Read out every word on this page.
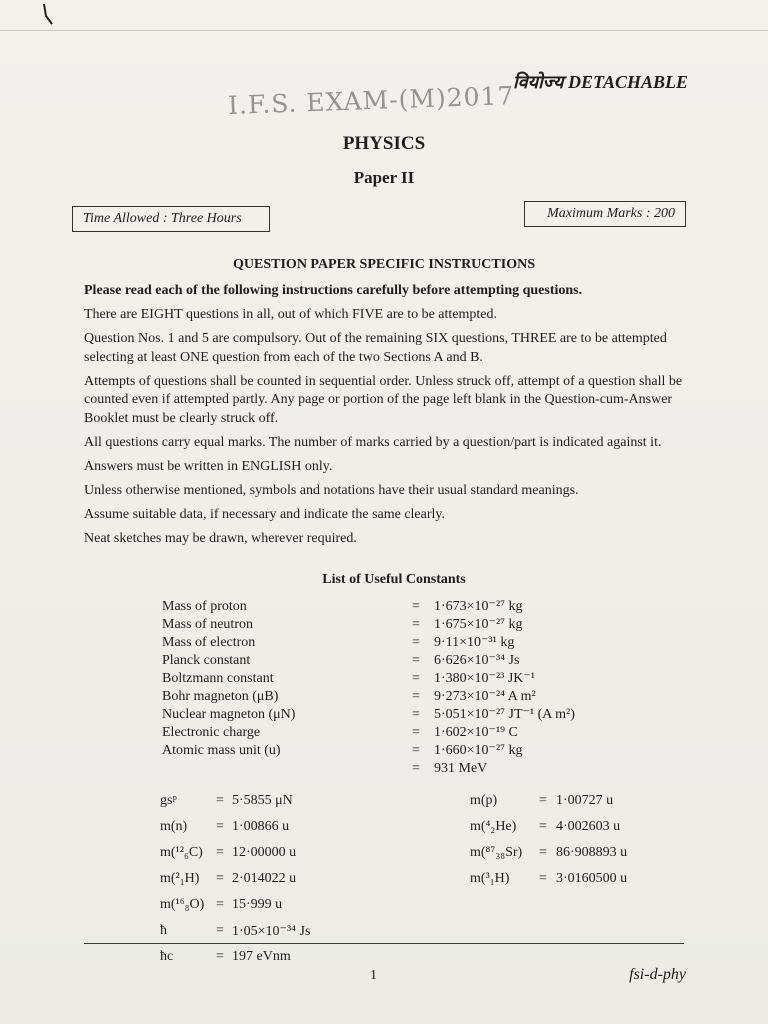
I.F.S. EXAM-(M)2017
वियोज्य DETACHABLE
PHYSICS
Paper II
Time Allowed : Three Hours	Maximum Marks : 200
QUESTION PAPER SPECIFIC INSTRUCTIONS

Please read each of the following instructions carefully before attempting questions.

There are EIGHT questions in all, out of which FIVE are to be attempted.

Question Nos. 1 and 5 are compulsory. Out of the remaining SIX questions, THREE are to be attempted selecting at least ONE question from each of the two Sections A and B.

Attempts of questions shall be counted in sequential order. Unless struck off, attempt of a question shall be counted even if attempted partly. Any page or portion of the page left blank in the Question-cum-Answer Booklet must be clearly struck off.

All questions carry equal marks. The number of marks carried by a question/part is indicated against it.

Answers must be written in ENGLISH only.

Unless otherwise mentioned, symbols and notations have their usual standard meanings.

Assume suitable data, if necessary and indicate the same clearly.

Neat sketches may be drawn, wherever required.

List of Useful Constants
Mass of proton	=	1·673×10⁻²⁷ kg
Mass of neutron	=	1·675×10⁻²⁷ kg
Mass of electron	=	9·11×10⁻³¹ kg
Planck constant	=	6·626×10⁻³⁴ Js
Boltzmann constant	=	1·380×10⁻²³ JK⁻¹
Bohr magneton (μB)	=	9·273×10⁻²⁴ A m²
Nuclear magneton (μN)	=	5·051×10⁻²⁷ JT⁻¹ (A m²)
Electronic charge	=	1·602×10⁻¹⁹ C
Atomic mass unit (u)	=	1·660×10⁻²⁷ kg
=	931 MeV
gsᵖ	= 5·5855 μN
m(n)	= 1·00866 u
m(¹²₆C) = 12·00000 u
m(²₁H)	= 2·014022 u
m(¹⁶₈O) = 15·999 u
ħ	= 1·05×10⁻³⁴ Js
ħc	= 197 eVnm
m(p)	= 1·00727 u
m(⁴₂He)	= 4·002603 u
m(⁸⁷₃₈Sr)	= 86·908893 u
m(³₁H)	= 3·0160500 u
1	fsi-d-phy
